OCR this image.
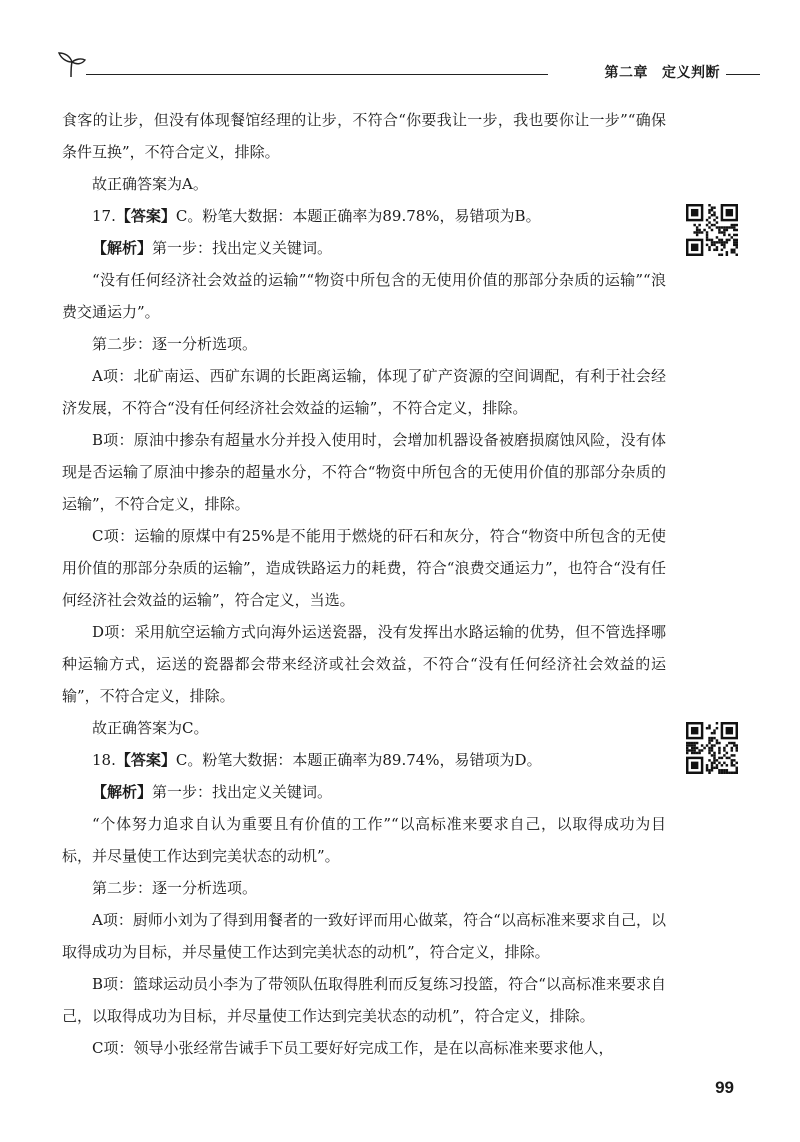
第二章 定义判断

食客的让步，但没有体现餐馆经理的让步，不符合“你要我让一步，我也要你让一步”“确保条件互换”，不符合定义，排除。

故正确答案为A。

17.【答案】C。粉笔大数据：本题正确率为89.78%，易错项为B。

【解析】第一步：找出定义关键词。

“没有任何经济社会效益的运输”“物资中所包含的无使用价值的那部分杂质的运输”“浪费交通运力”。

第二步：逐一分析选项。

A项：北矿南运、西矿东调的长距离运输，体现了矿产资源的空间调配，有利于社会经济发展，不符合“没有任何经济社会效益的运输”，不符合定义，排除。

B项：原油中掺杂有超量水分并投入使用时，会增加机器设备被磨损腐蚀风险，没有体现是否运输了原油中掺杂的超量水分，不符合“物资中所包含的无使用价值的那部分杂质的运输”，不符合定义，排除。

C项：运输的原煤中有25%是不能用于燃烧的矸石和灰分，符合“物资中所包含的无使用价值的那部分杂质的运输”，造成铁路运力的耗费，符合“浪费交通运力”，也符合“没有任何经济社会效益的运输”，符合定义，当选。

D项：采用航空运输方式向海外运送瓷器，没有发挥出水路运输的优势，但不管选择哪种运输方式，运送的瓷器都会带来经济或社会效益，不符合“没有任何经济社会效益的运输”，不符合定义，排除。

故正确答案为C。

18.【答案】C。粉笔大数据：本题正确率为89.74%，易错项为D。

【解析】第一步：找出定义关键词。

“个体努力追求自认为重要且有价值的工作”“以高标准来要求自己，以取得成功为目标，并尽量使工作达到完美状态的动机”。

第二步：逐一分析选项。

A项：厨师小刘为了得到用餐者的一致好评而用心做菜，符合“以高标准来要求自己，以取得成功为目标，并尽量使工作达到完美状态的动机”，符合定义，排除。

B项：篮球运动员小李为了带领队伍取得胜利而反复练习投篮，符合“以高标准来要求自己，以取得成功为目标，并尽量使工作达到完美状态的动机”，符合定义，排除。

C项：领导小张经常告诫手下员工要好好完成工作，是在以高标准来要求他人，

99
